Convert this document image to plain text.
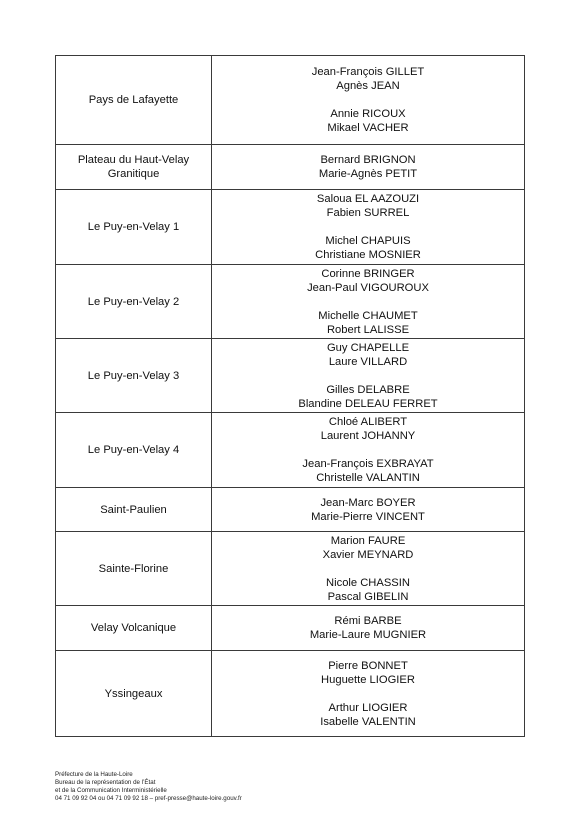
Pays de Lafayette	Jean-François GILLET
Agnès JEAN
Annie RICOUX
Mikael VACHER

Plateau du Haut-Velay Granitique	Bernard BRIGNON
Marie-Agnès PETIT

Le Puy-en-Velay 1	Saloua EL AAZOUZI
Fabien SURREL
Michel CHAPUIS
Christiane MOSNIER

Le Puy-en-Velay 2	Corinne BRINGER
Jean-Paul VIGOUROUX
Michelle CHAUMET
Robert LALISSE

Le Puy-en-Velay 3	Guy CHAPELLE
Laure VILLARD
Gilles DELABRE
Blandine DELEAU FERRET

Le Puy-en-Velay 4	Chloé ALIBERT
Laurent JOHANNY
Jean-François EXBRAYAT
Christelle VALANTIN

Saint-Paulien	Jean-Marc BOYER
Marie-Pierre VINCENT

Sainte-Florine	Marion FAURE
Xavier MEYNARD
Nicole CHASSIN
Pascal GIBELIN

Velay Volcanique	Rémi BARBE
Marie-Laure MUGNIER

Yssingeaux	Pierre BONNET
Huguette LIOGIER
Arthur LIOGIER
Isabelle VALENTIN
Préfecture de la Haute-Loire
Bureau de la représentation de l’État
et de la Communication Interministérielle
04 71 09 92 04 ou 04 71 09 92 18 – pref-presse@haute-loire.gouv.fr
